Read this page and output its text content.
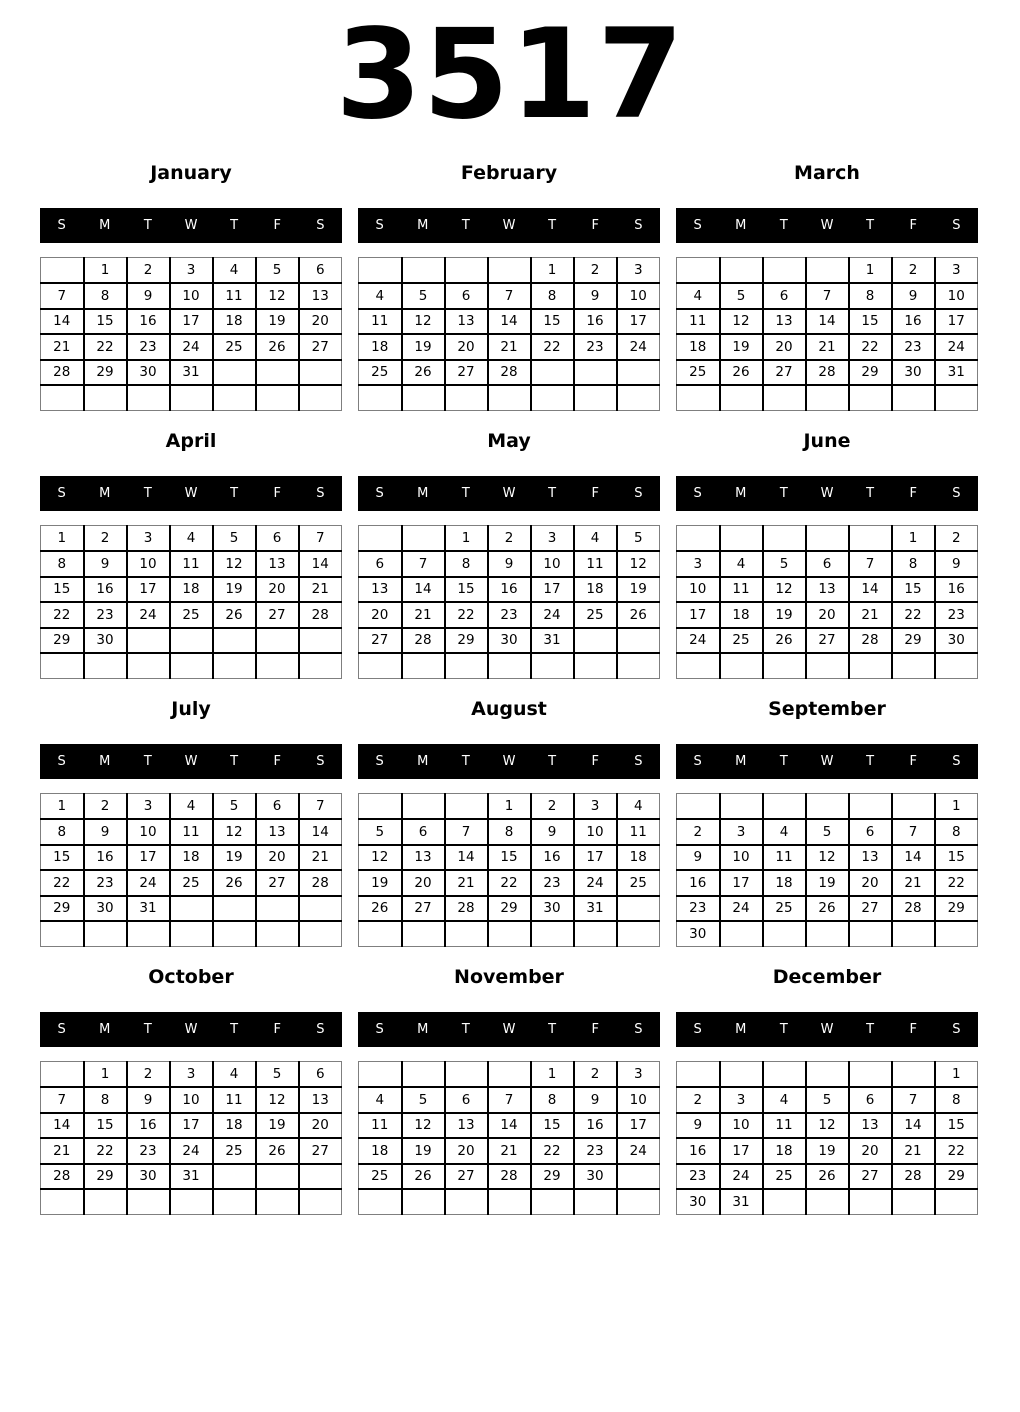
3517
January
S	M	T	W	T	F	S
	1	2	3	4	5	6
7	8	9	10	11	12	13
14	15	16	17	18	19	20
21	22	23	24	25	26	27
28	29	30	31			

February
S	M	T	W	T	F	S
				1	2	3
4	5	6	7	8	9	10
11	12	13	14	15	16	17
18	19	20	21	22	23	24
25	26	27	28			

March
S	M	T	W	T	F	S
				1	2	3
4	5	6	7	8	9	10
11	12	13	14	15	16	17
18	19	20	21	22	23	24
25	26	27	28	29	30	31

April
S	M	T	W	T	F	S
1	2	3	4	5	6	7
8	9	10	11	12	13	14
15	16	17	18	19	20	21
22	23	24	25	26	27	28
29	30					

May
S	M	T	W	T	F	S
		1	2	3	4	5
6	7	8	9	10	11	12
13	14	15	16	17	18	19
20	21	22	23	24	25	26
27	28	29	30	31		

June
S	M	T	W	T	F	S
					1	2
3	4	5	6	7	8	9
10	11	12	13	14	15	16
17	18	19	20	21	22	23
24	25	26	27	28	29	30

July
S	M	T	W	T	F	S
1	2	3	4	5	6	7
8	9	10	11	12	13	14
15	16	17	18	19	20	21
22	23	24	25	26	27	28
29	30	31				

August
S	M	T	W	T	F	S
			1	2	3	4
5	6	7	8	9	10	11
12	13	14	15	16	17	18
19	20	21	22	23	24	25
26	27	28	29	30	31	

September
S	M	T	W	T	F	S
						1
2	3	4	5	6	7	8
9	10	11	12	13	14	15
16	17	18	19	20	21	22
23	24	25	26	27	28	29
30						
October
S	M	T	W	T	F	S
	1	2	3	4	5	6
7	8	9	10	11	12	13
14	15	16	17	18	19	20
21	22	23	24	25	26	27
28	29	30	31			

November
S	M	T	W	T	F	S
				1	2	3
4	5	6	7	8	9	10
11	12	13	14	15	16	17
18	19	20	21	22	23	24
25	26	27	28	29	30	

December
S	M	T	W	T	F	S
						1
2	3	4	5	6	7	8
9	10	11	12	13	14	15
16	17	18	19	20	21	22
23	24	25	26	27	28	29
30	31					
